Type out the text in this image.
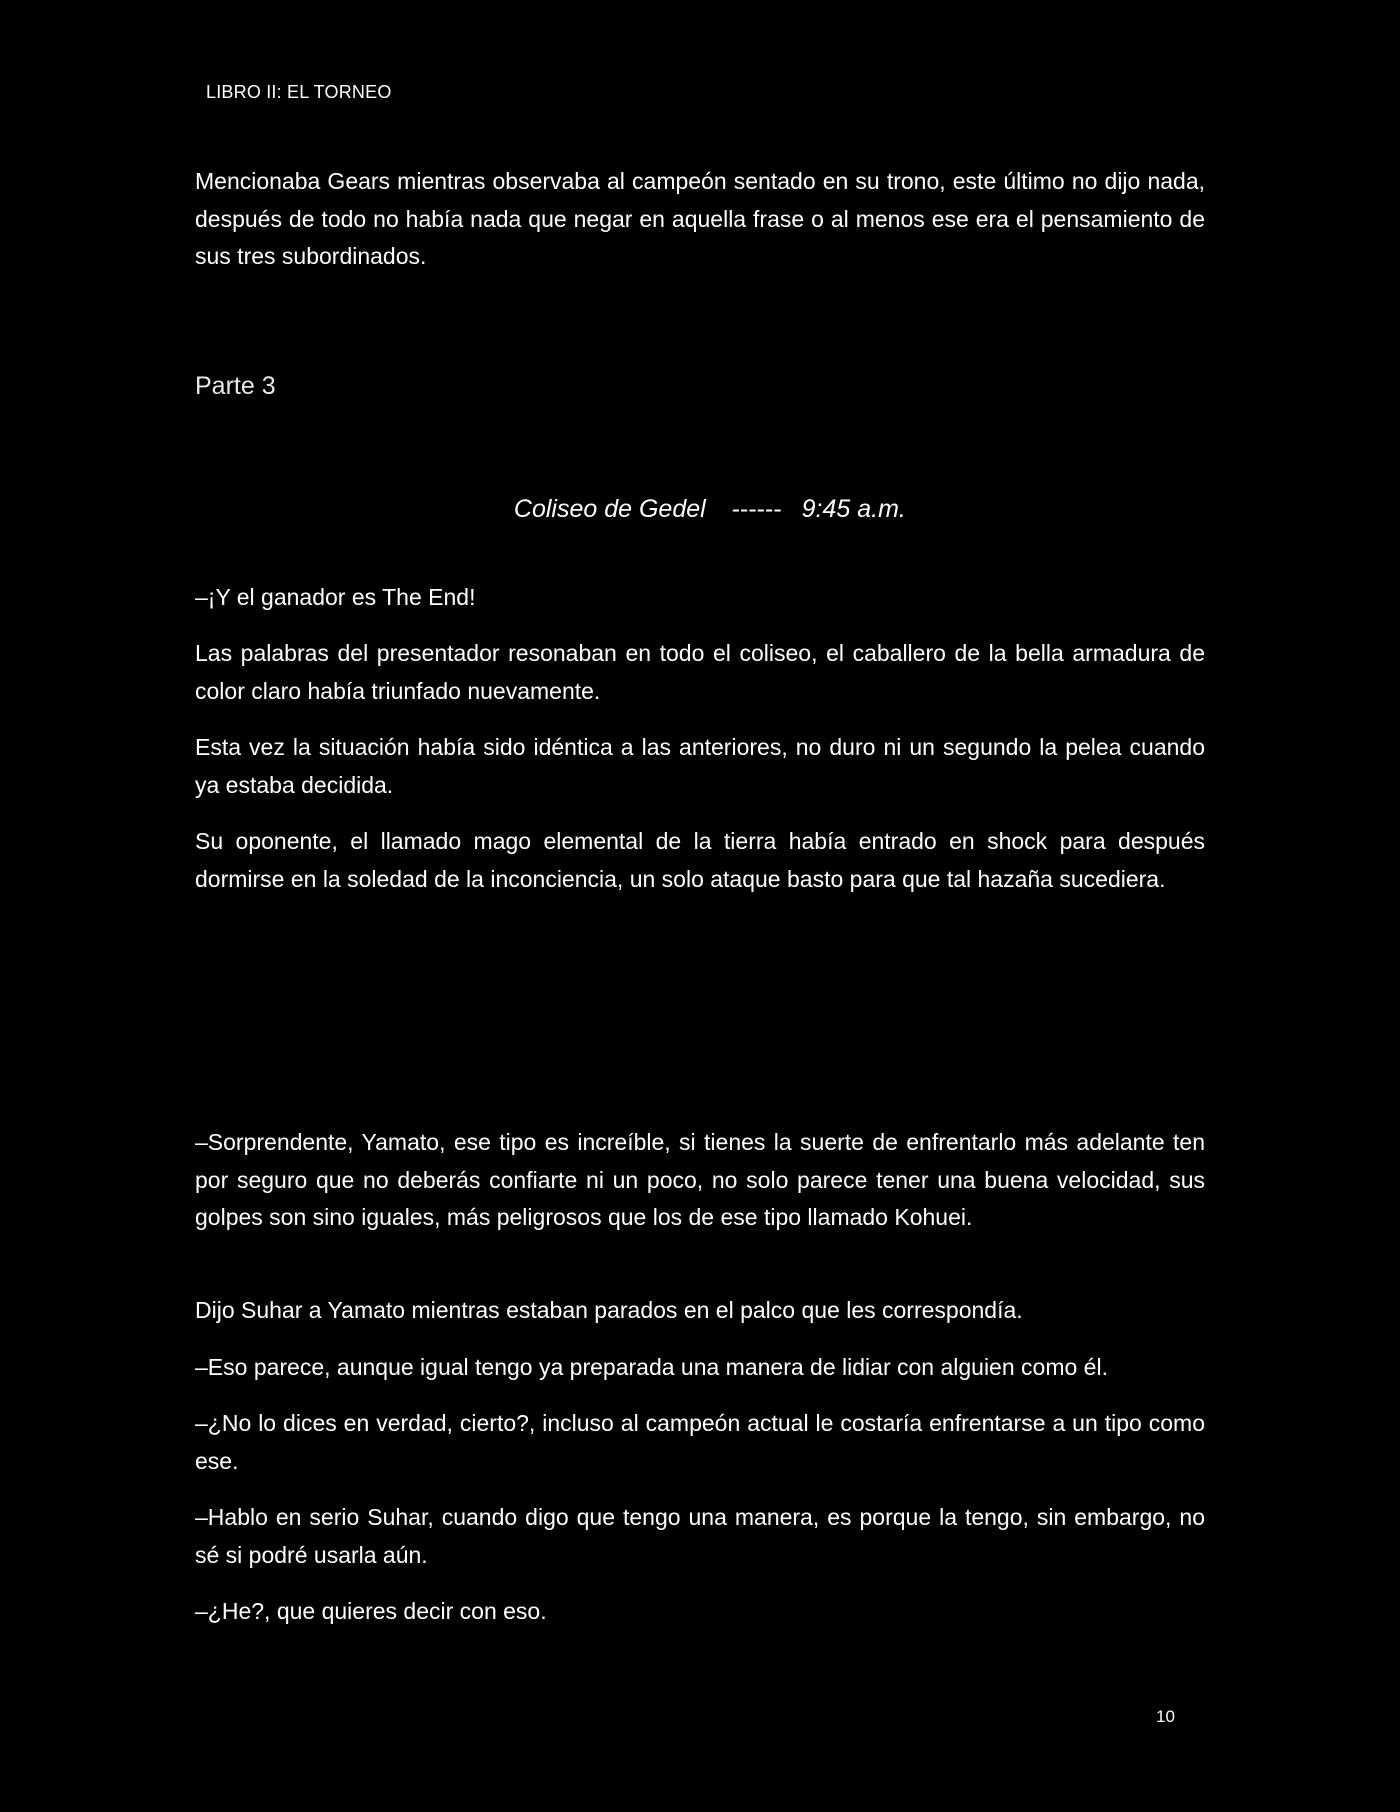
LIBRO II: EL TORNEO

Mencionaba Gears mientras observaba al campeón sentado en su trono, este último no dijo nada, después de todo no había nada que negar en aquella frase o al menos ese era el pensamiento de sus tres subordinados.

Parte 3

Coliseo de Gedel ------ 9:45 a.m.

–¡Y el ganador es The End!

Las palabras del presentador resonaban en todo el coliseo, el caballero de la bella armadura de color claro había triunfado nuevamente.

Esta vez la situación había sido idéntica a las anteriores, no duro ni un segundo la pelea cuando ya estaba decidida.

Su oponente, el llamado mago elemental de la tierra había entrado en shock para después dormirse en la soledad de la inconciencia, un solo ataque basto para que tal hazaña sucediera.

–Sorprendente, Yamato, ese tipo es increíble, si tienes la suerte de enfrentarlo más adelante ten por seguro que no deberás confiarte ni un poco, no solo parece tener una buena velocidad, sus golpes son sino iguales, más peligrosos que los de ese tipo llamado Kohuei.

Dijo Suhar a Yamato mientras estaban parados en el palco que les correspondía.

–Eso parece, aunque igual tengo ya preparada una manera de lidiar con alguien como él.

–¿No lo dices en verdad, cierto?, incluso al campeón actual le costaría enfrentarse a un tipo como ese.

–Hablo en serio Suhar, cuando digo que tengo una manera, es porque la tengo, sin embargo, no sé si podré usarla aún.

–¿He?, que quieres decir con eso.

10
